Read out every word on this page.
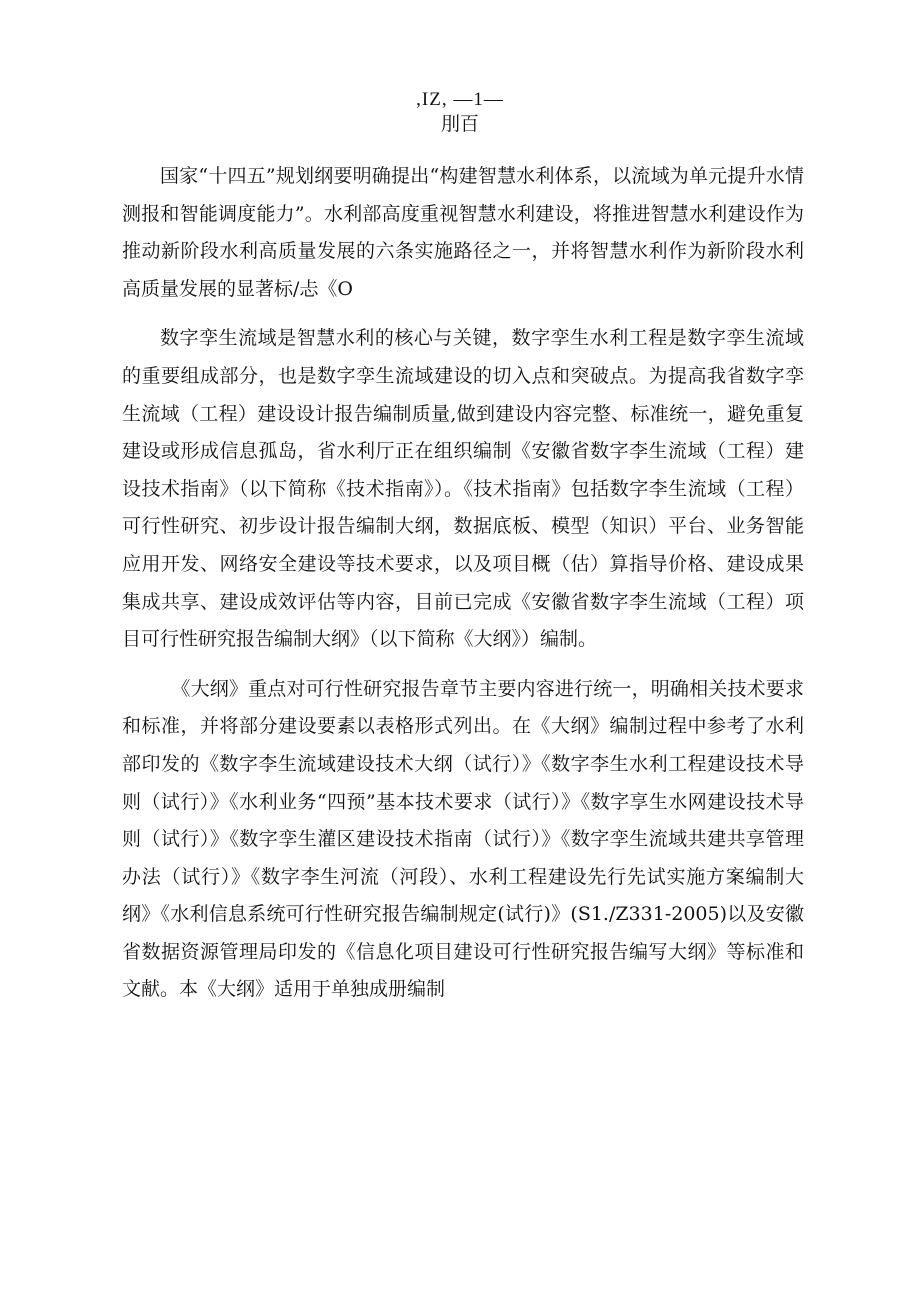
,IZ, —1—
刖百

国家“十四五”规划纲要明确提出“构建智慧水利体系，以流域为单元提升水情测报和智能调度能力”。水利部高度重视智慧水利建设，将推进智慧水利建设作为推动新阶段水利高质量发展的六条实施路径之一，并将智慧水利作为新阶段水利高质量发展的显著标/忐《O

数字孪生流域是智慧水利的核心与关键，数字孪生水利工程是数字孪生流域的重要组成部分，也是数字孪生流域建设的切入点和突破点。为提高我省数字孪生流域（工程）建设设计报告编制质量,做到建设内容完整、标准统一，避免重复建设或形成信息孤岛，省水利厅正在组织编制《安徽省数字李生流域（工程）建设技术指南》（以下简称《技术指南》）。《技术指南》包括数字李生流域（工程）可行性研究、初步设计报告编制大纲，数据底板、模型（知识）平台、业务智能应用开发、网络安全建设等技术要求，以及项目概（估）算指导价格、建设成果集成共享、建设成效评估等内容，目前已完成《安徽省数字李生流域（工程）项目可行性研究报告编制大纲》（以下简称《大纲》）编制。

《大纲》重点对可行性研究报告章节主要内容进行统一，明确相关技术要求和标准，并将部分建设要素以表格形式列出。在《大纲》编制过程中参考了水利部印发的《数字李生流域建设技术大纲（试行）》《数字李生水利工程建设技术导则（试行）》《水利业务“四预”基本技术要求（试行）》《数字享生水网建设技术导则（试行）》《数字孪生灌区建设技术指南（试行）》《数字孪生流域共建共享管理办法（试行）》《数字李生河流（河段）、水利工程建设先行先试实施方案编制大纲》《水利信息系统可行性研究报告编制规定(试行)》(S1./Z331-2005)以及安徽省数据资源管理局印发的《信息化项目建设可行性研究报告编写大纲》等标准和文献。本《大纲》适用于单独成册编制
